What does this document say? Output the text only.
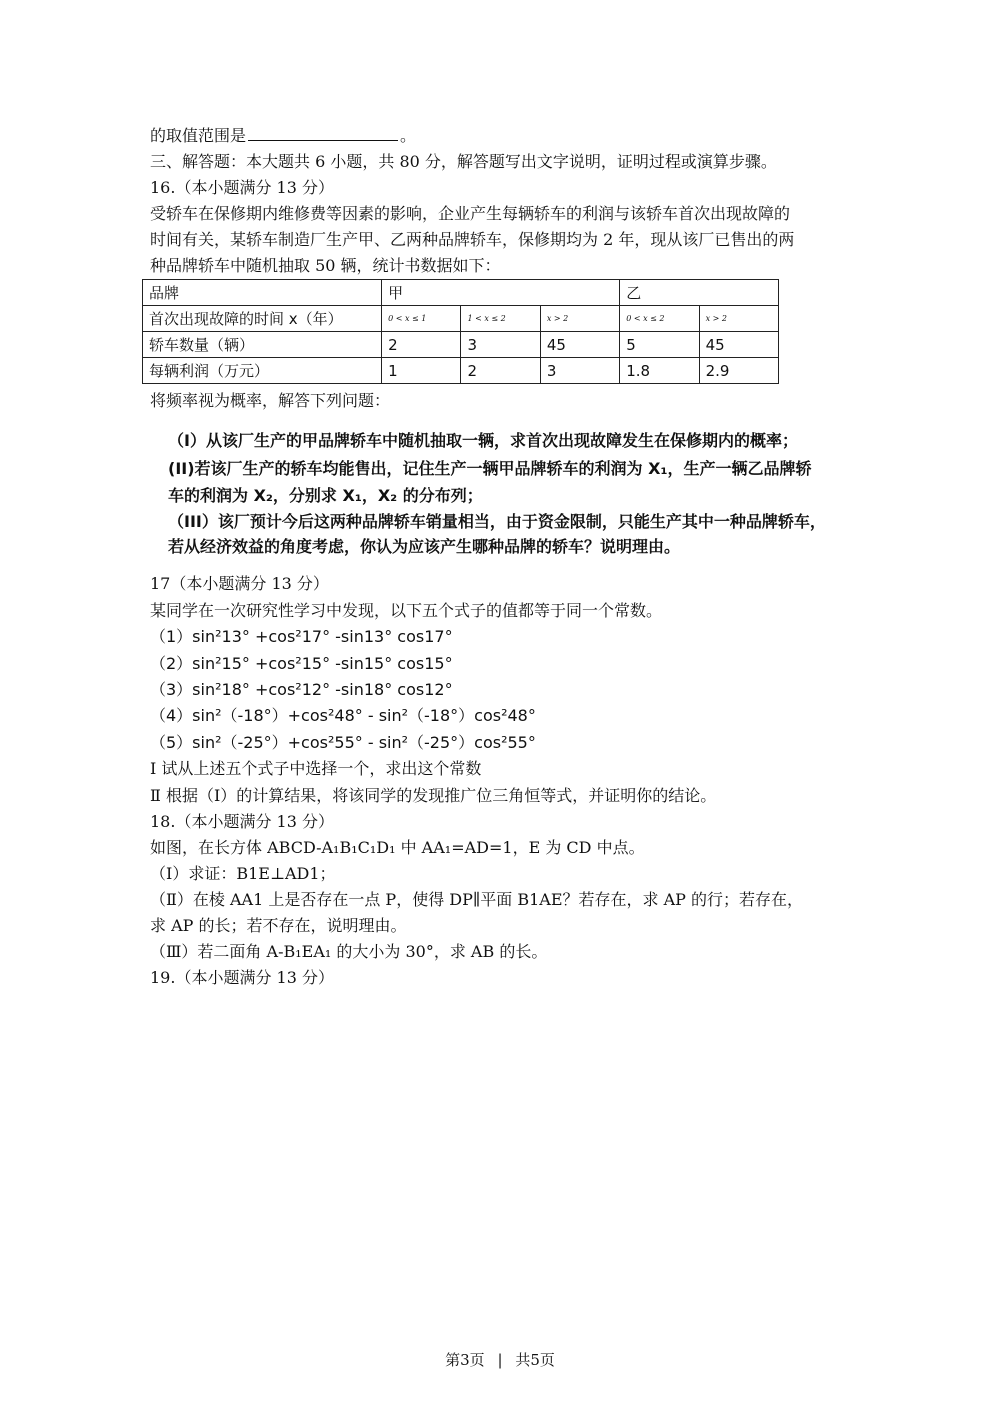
的取值范围是	。
三、解答题：本大题共 6 小题，共 80 分，解答题写出文字说明，证明过程或演算步骤。
16.（本小题满分 13 分）
受轿车在保修期内维修费等因素的影响，企业产生每辆轿车的利润与该轿车首次出现故障的
时间有关，某轿车制造厂生产甲、乙两种品牌轿车，保修期均为 2 年，现从该厂已售出的两
种品牌轿车中随机抽取 50 辆，统计书数据如下：
品牌	甲			乙	
首次出现故障的时间 x（年）	0 < x ≤ 1	1 < x ≤ 2	x > 2	0 < x ≤ 2	x > 2
轿车数量（辆）	2	3	45	5	45
每辆利润（万元）	1	2	3	1.8	2.9
将频率视为概率，解答下列问题：
（I）从该厂生产的甲品牌轿车中随机抽取一辆，求首次出现故障发生在保修期内的概率；
(II)若该厂生产的轿车均能售出，记住生产一辆甲品牌轿车的利润为 X₁，生产一辆乙品牌轿
车的利润为 X₂，分别求 X₁，X₂ 的分布列；
（III）该厂预计今后这两种品牌轿车销量相当，由于资金限制，只能生产其中一种品牌轿车，
若从经济效益的角度考虑，你认为应该产生哪种品牌的轿车？说明理由。
17（本小题满分 13 分）
某同学在一次研究性学习中发现，以下五个式子的值都等于同一个常数。
（1）sin²13° +cos²17° -sin13° cos17°
（2）sin²15° +cos²15° -sin15° cos15°
（3）sin²18° +cos²12° -sin18° cos12°
（4）sin²（-18°）+cos²48° - sin²（-18°）cos²48°
（5）sin²（-25°）+cos²55° - sin²（-25°）cos²55°
Ⅰ 试从上述五个式子中选择一个，求出这个常数
Ⅱ 根据（Ⅰ）的计算结果，将该同学的发现推广位三角恒等式，并证明你的结论。
18.（本小题满分 13 分）
如图，在长方体 ABCD-A₁B₁C₁D₁ 中 AA₁=AD=1，E 为 CD 中点。
（Ⅰ）求证：B1E⊥AD1；
（Ⅱ）在棱 AA1 上是否存在一点 P，使得 DP∥平面 B1AE？若存在，求 AP 的行；若存在，
求 AP 的长；若不存在，说明理由。
（Ⅲ）若二面角 A-B₁EA₁ 的大小为 30°，求 AB 的长。
19.（本小题满分 13 分）
第3页 | 共5页
